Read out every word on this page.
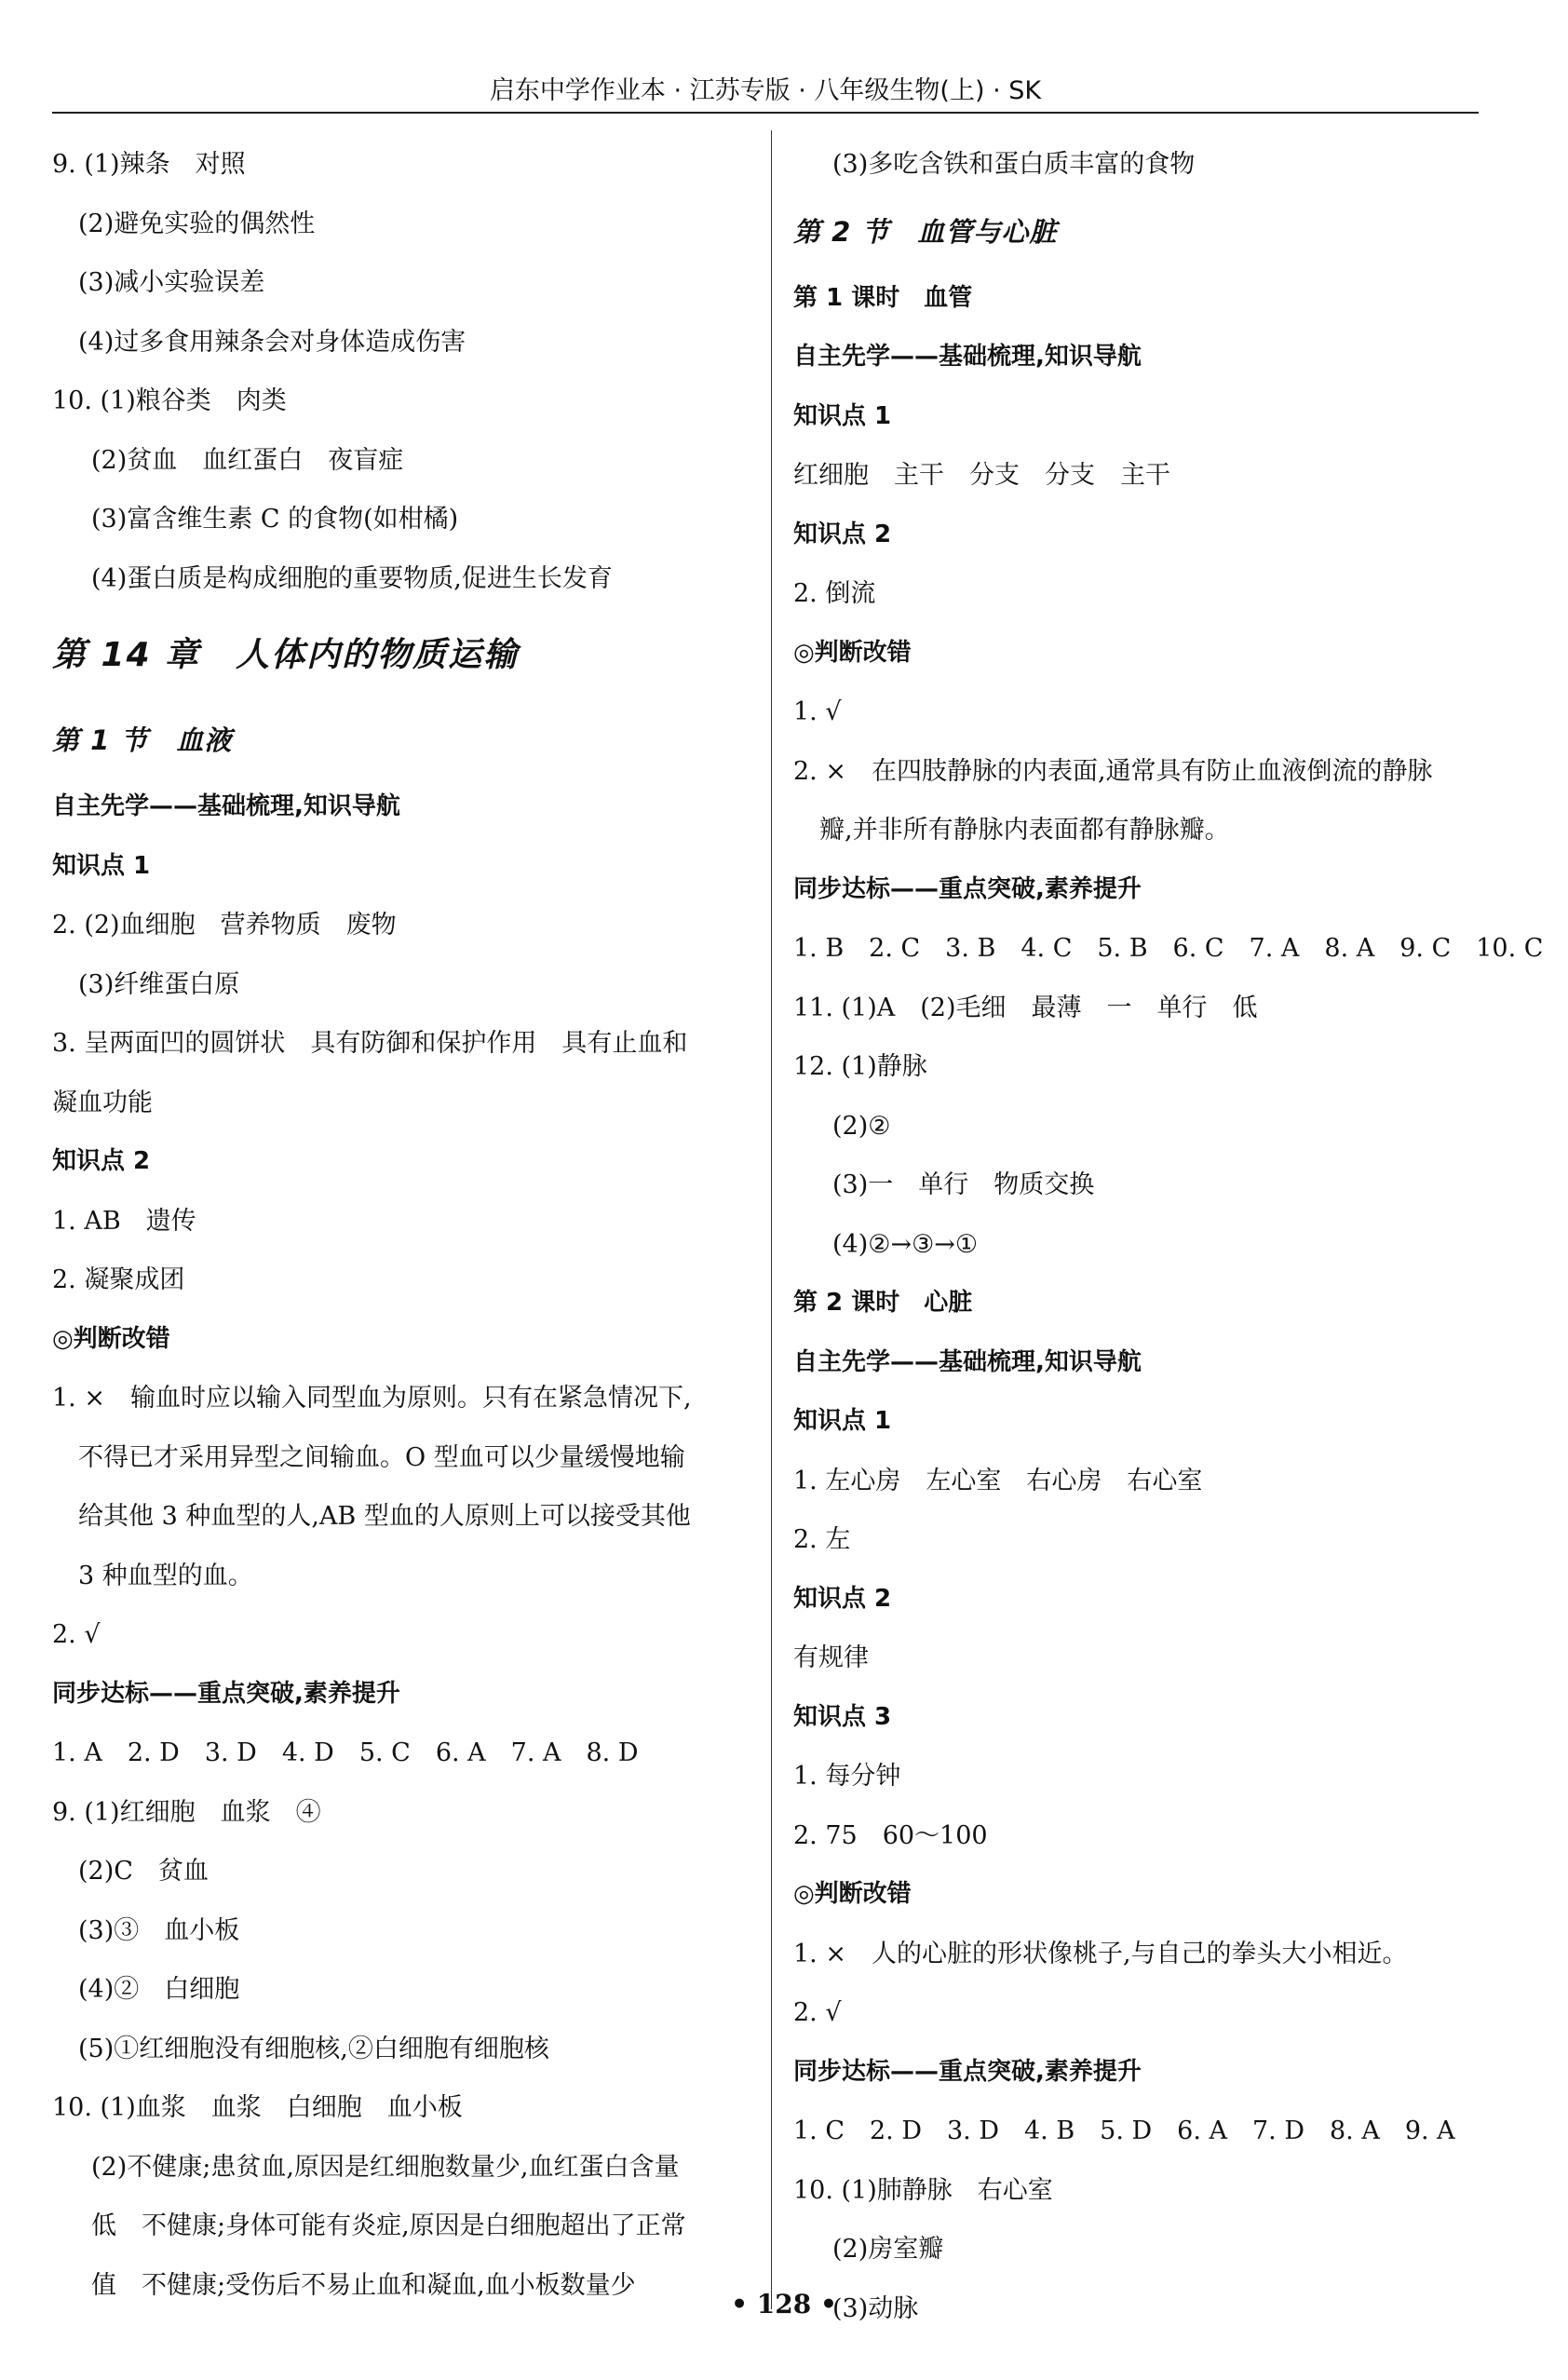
启东中学作业本 · 江苏专版 · 八年级生物(上) · SK
9. (1)辣条　对照
(2)避免实验的偶然性
(3)减小实验误差
(4)过多食用辣条会对身体造成伤害
10. (1)粮谷类　肉类
(2)贫血　血红蛋白　夜盲症
(3)富含维生素 C 的食物(如柑橘)
(4)蛋白质是构成细胞的重要物质,促进生长发育
第 14 章　人体内的物质运输
第 1 节　血液
自主先学——基础梳理,知识导航
知识点 1
2. (2)血细胞　营养物质　废物
(3)纤维蛋白原
3. 呈两面凹的圆饼状　具有防御和保护作用　具有止血和
凝血功能
知识点 2
1. AB　遗传
2. 凝聚成团
◎判断改错
1. ×　输血时应以输入同型血为原则。只有在紧急情况下,
不得已才采用异型之间输血。O 型血可以少量缓慢地输
给其他 3 种血型的人,AB 型血的人原则上可以接受其他
3 种血型的血。
2. √
同步达标——重点突破,素养提升
1. A　2. D　3. D　4. D　5. C　6. A　7. A　8. D
9. (1)红细胞　血浆　④
(2)C　贫血
(3)③　血小板
(4)②　白细胞
(5)①红细胞没有细胞核,②白细胞有细胞核
10. (1)血浆　血浆　白细胞　血小板
(2)不健康;患贫血,原因是红细胞数量少,血红蛋白含量
低　不健康;身体可能有炎症,原因是白细胞超出了正常
值　不健康;受伤后不易止血和凝血,血小板数量少
(3)多吃含铁和蛋白质丰富的食物
第 2 节　血管与心脏
第 1 课时　血管
自主先学——基础梳理,知识导航
知识点 1
红细胞　主干　分支　分支　主干
知识点 2
2. 倒流
◎判断改错
1. √
2. ×　在四肢静脉的内表面,通常具有防止血液倒流的静脉
瓣,并非所有静脉内表面都有静脉瓣。
同步达标——重点突破,素养提升
1. B　2. C　3. B　4. C　5. B　6. C　7. A　8. A　9. C　10. C
11. (1)A　(2)毛细　最薄　一　单行　低
12. (1)静脉
(2)②
(3)一　单行　物质交换
(4)②→③→①
第 2 课时　心脏
自主先学——基础梳理,知识导航
知识点 1
1. 左心房　左心室　右心房　右心室
2. 左
知识点 2
有规律
知识点 3
1. 每分钟
2. 75　60～100
◎判断改错
1. ×　人的心脏的形状像桃子,与自己的拳头大小相近。
2. √
同步达标——重点突破,素养提升
1. C　2. D　3. D　4. B　5. D　6. A　7. D　8. A　9. A
10. (1)肺静脉　右心室
(2)房室瓣
(3)动脉
• 128 •
